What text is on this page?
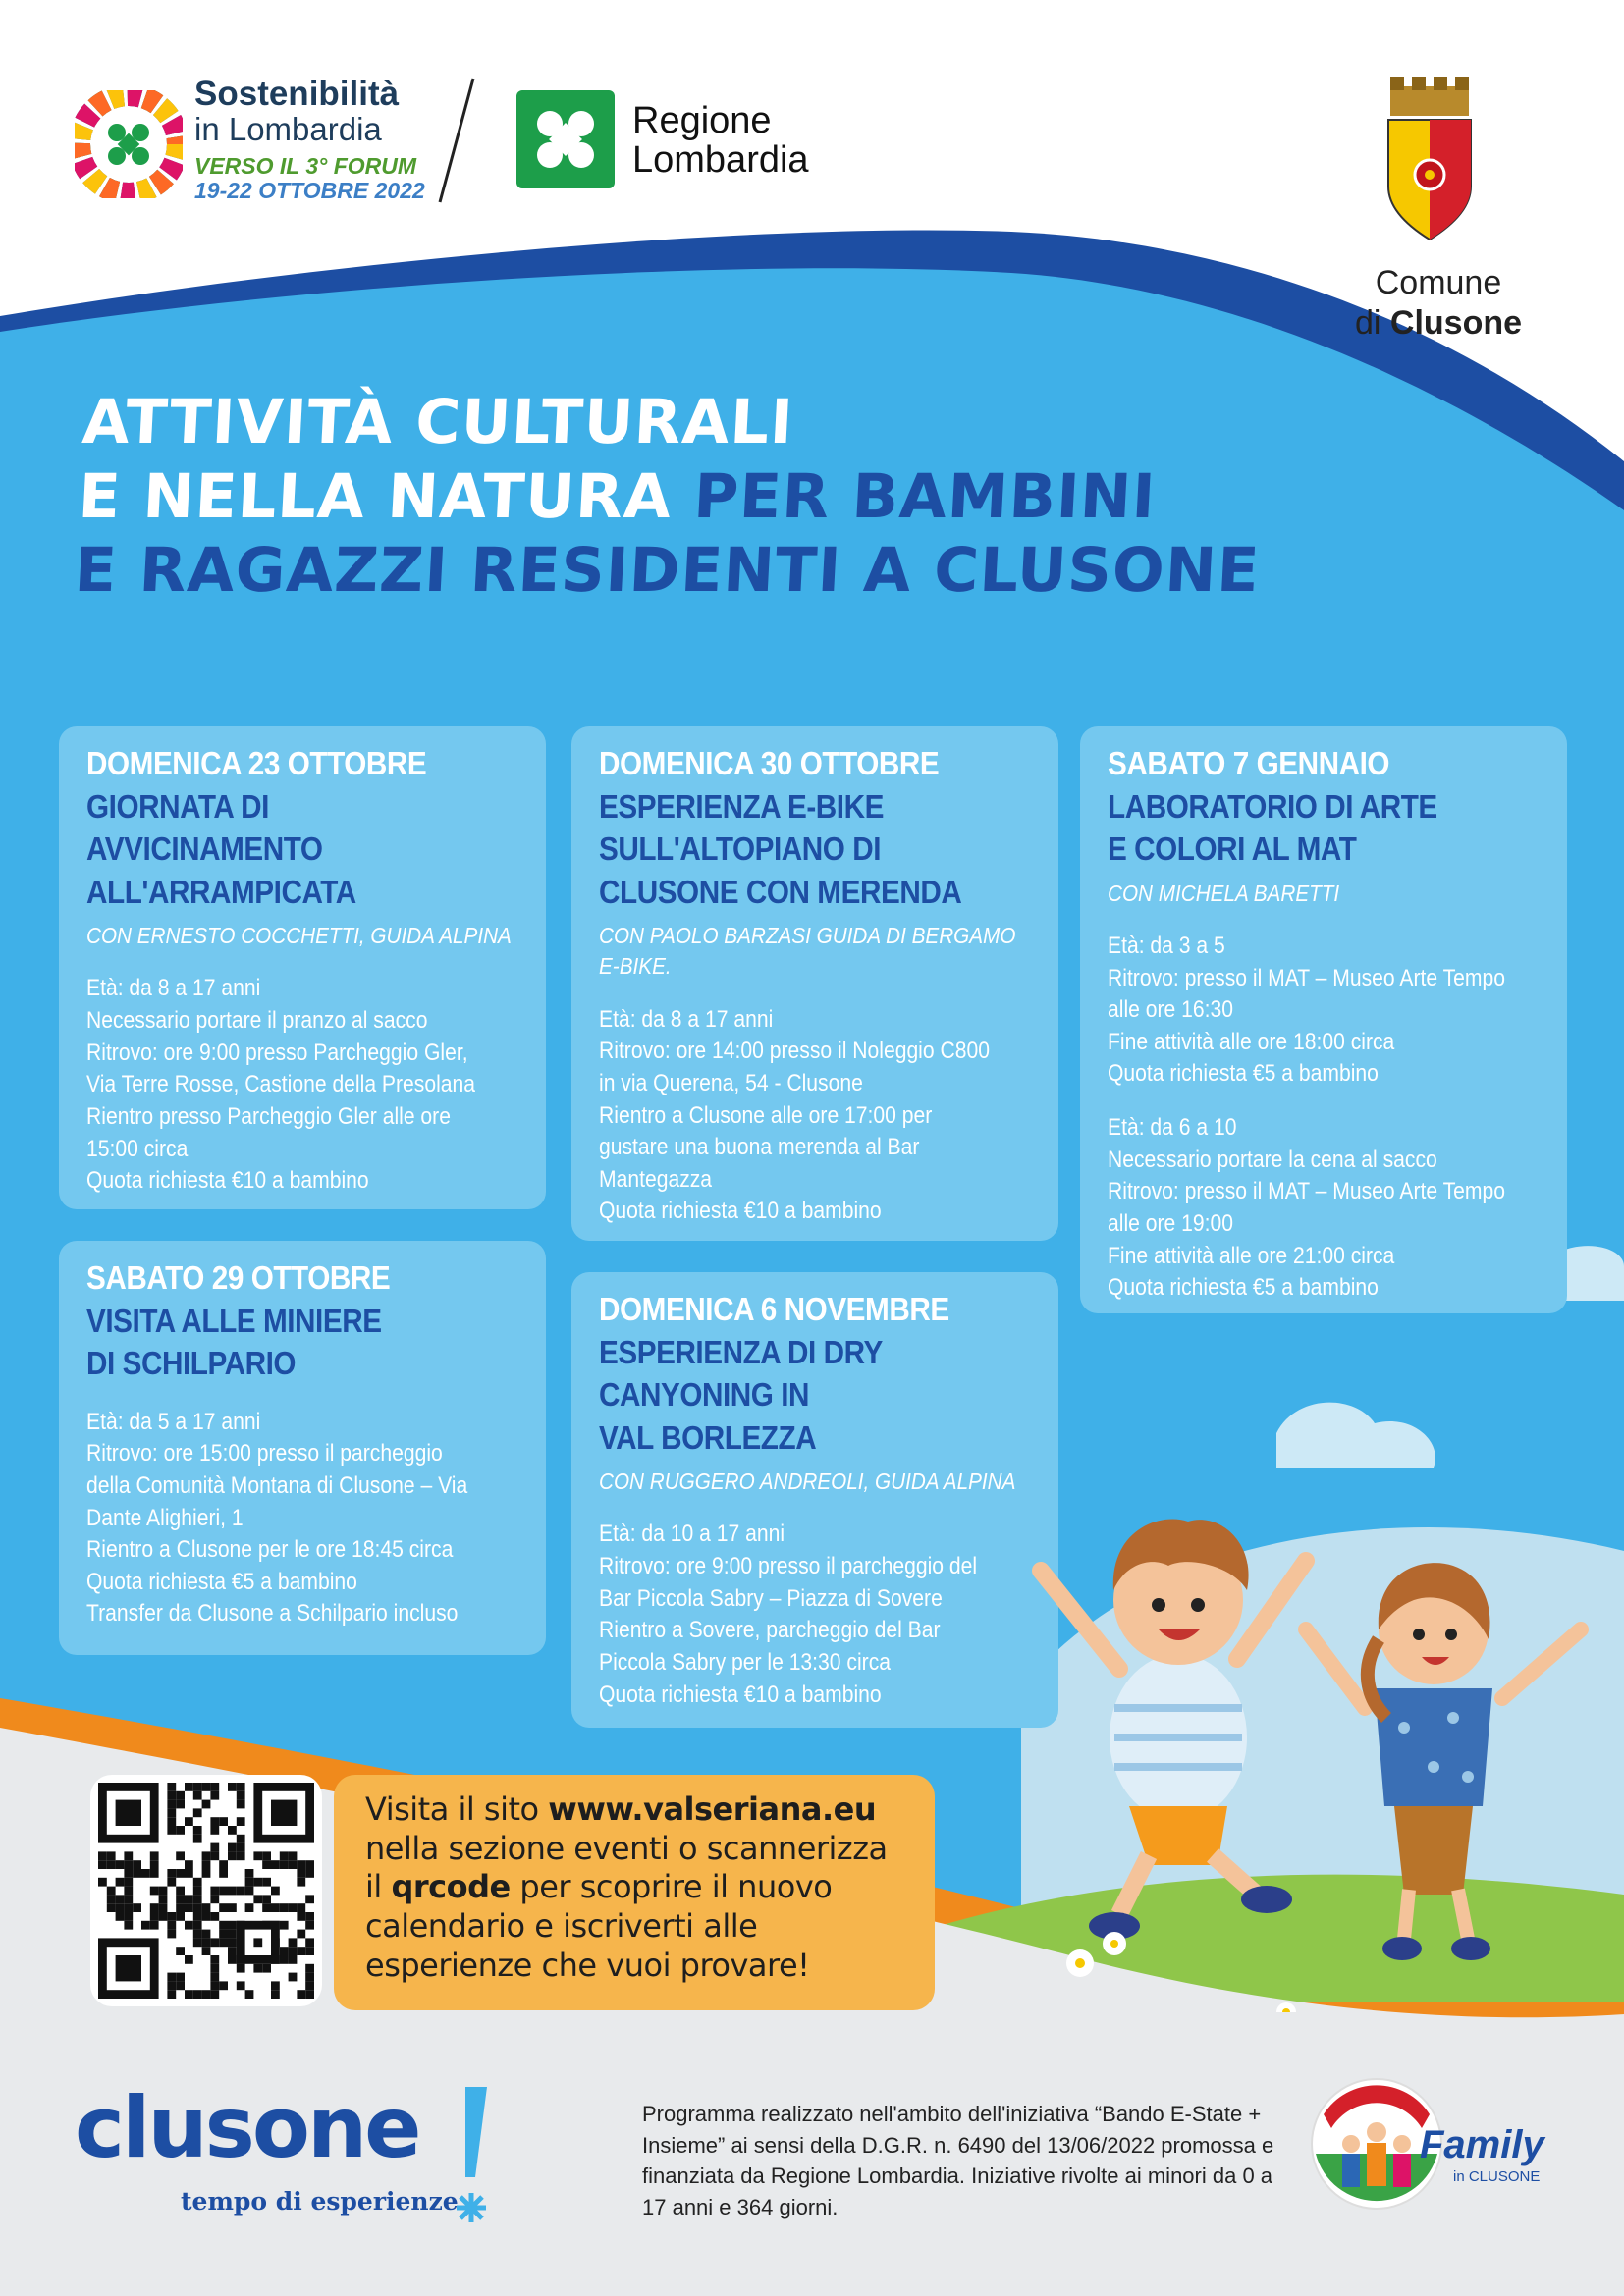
Sostenibilità
in Lombardia
VERSO IL 3° FORUM
19-22 OTTOBRE 2022
Regione
Lombardia
Comune
di Clusone
ATTIVITÀ CULTURALI
E NELLA NATURA PER BAMBINI
E RAGAZZI RESIDENTI A CLUSONE
DOMENICA 23 OTTOBRE
GIORNATA DI
AVVICINAMENTO
ALL'ARRAMPICATA
CON ERNESTO COCCHETTI, GUIDA ALPINA
Età: da 8 a 17 anni
Necessario portare il pranzo al sacco
Ritrovo: ore 9:00 presso Parcheggio Gler,
Via Terre Rosse, Castione della Presolana
Rientro presso Parcheggio Gler alle ore
15:00 circa
Quota richiesta €10 a bambino
SABATO 29 OTTOBRE
VISITA ALLE MINIERE
DI SCHILPARIO
Età: da 5 a 17 anni
Ritrovo: ore 15:00 presso il parcheggio
della Comunità Montana di Clusone – Via
Dante Alighieri, 1
Rientro a Clusone per le ore 18:45 circa
Quota richiesta €5 a bambino
Transfer da Clusone a Schilpario incluso
DOMENICA 30 OTTOBRE
ESPERIENZA E-BIKE
SULL'ALTOPIANO DI
CLUSONE CON MERENDA
CON PAOLO BARZASI GUIDA DI BERGAMO
E-BIKE.
Età: da 8 a 17 anni
Ritrovo: ore 14:00 presso il Noleggio C800
in via Querena, 54 - Clusone
Rientro a Clusone alle ore 17:00 per
gustare una buona merenda al Bar
Mantegazza
Quota richiesta €10 a bambino
DOMENICA 6 NOVEMBRE
ESPERIENZA DI DRY
CANYONING IN
VAL BORLEZZA
CON RUGGERO ANDREOLI, GUIDA ALPINA
Età: da 10 a 17 anni
Ritrovo: ore 9:00 presso il parcheggio del
Bar Piccola Sabry – Piazza di Sovere
Rientro a Sovere, parcheggio del Bar
Piccola Sabry per le 13:30 circa
Quota richiesta €10 a bambino
SABATO 7 GENNAIO
LABORATORIO DI ARTE
E COLORI AL MAT
CON MICHELA BARETTI
Età: da 3 a 5
Ritrovo: presso il MAT – Museo Arte Tempo
alle ore 16:30
Fine attività alle ore 18:00 circa
Quota richiesta €5 a bambino
Età: da 6 a 10
Necessario portare la cena al sacco
Ritrovo: presso il MAT – Museo Arte Tempo
alle ore 19:00
Fine attività alle ore 21:00 circa
Quota richiesta €5 a bambino
Visita il sito www.valseriana.eu nella sezione eventi o scannerizza il qrcode per scoprire il nuovo calendario e iscriverti alle esperienze che vuoi provare!
clusone
tempo di esperienze
Programma realizzato nell'ambito dell'iniziativa “Bando E-State + Insieme” ai sensi della D.G.R. n. 6490 del 13/06/2022 promossa e finanziata da Regione Lombardia. Iniziative rivolte ai minori da 0 a 17 anni e 364 giorni.
Family
in CLUSONE
